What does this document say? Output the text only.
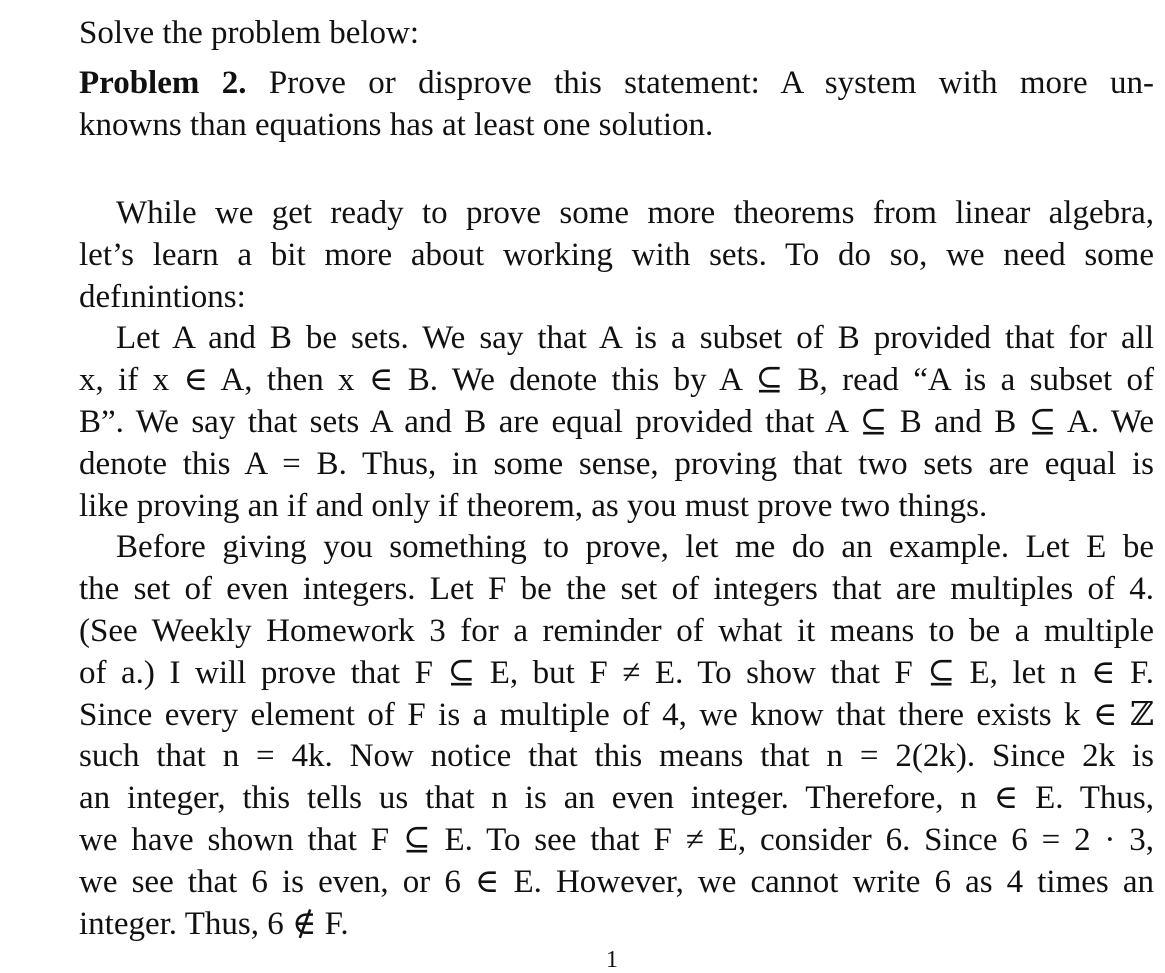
Solve the problem below:
Problem 2. Prove or disprove this statement: A system with more un-
knowns than equations has at least one solution.
While we get ready to prove some more theorems from linear algebra,
let’s learn a bit more about working with sets. To do so, we need some
defınintions:
Let A and B be sets. We say that A is a subset of B provided that for all
x, if x ∈ A, then x ∈ B. We denote this by A ⊆ B, read “A is a subset of
B”. We say that sets A and B are equal provided that A ⊆ B and B ⊆ A. We
denote this A = B. Thus, in some sense, proving that two sets are equal is
like proving an if and only if theorem, as you must prove two things.
Before giving you something to prove, let me do an example. Let E be
the set of even integers. Let F be the set of integers that are multiples of 4.
(See Weekly Homework 3 for a reminder of what it means to be a multiple
of a.) I will prove that F ⊆ E, but F ≠ E. To show that F ⊆ E, let n ∈ F.
Since every element of F is a multiple of 4, we know that there exists k ∈ ℤ
such that n = 4k. Now notice that this means that n = 2(2k). Since 2k is
an integer, this tells us that n is an even integer. Therefore, n ∈ E. Thus,
we have shown that F ⊆ E. To see that F ≠ E, consider 6. Since 6 = 2 · 3,
we see that 6 is even, or 6 ∈ E. However, we cannot write 6 as 4 times an
integer. Thus, 6 ∉ F.
1
